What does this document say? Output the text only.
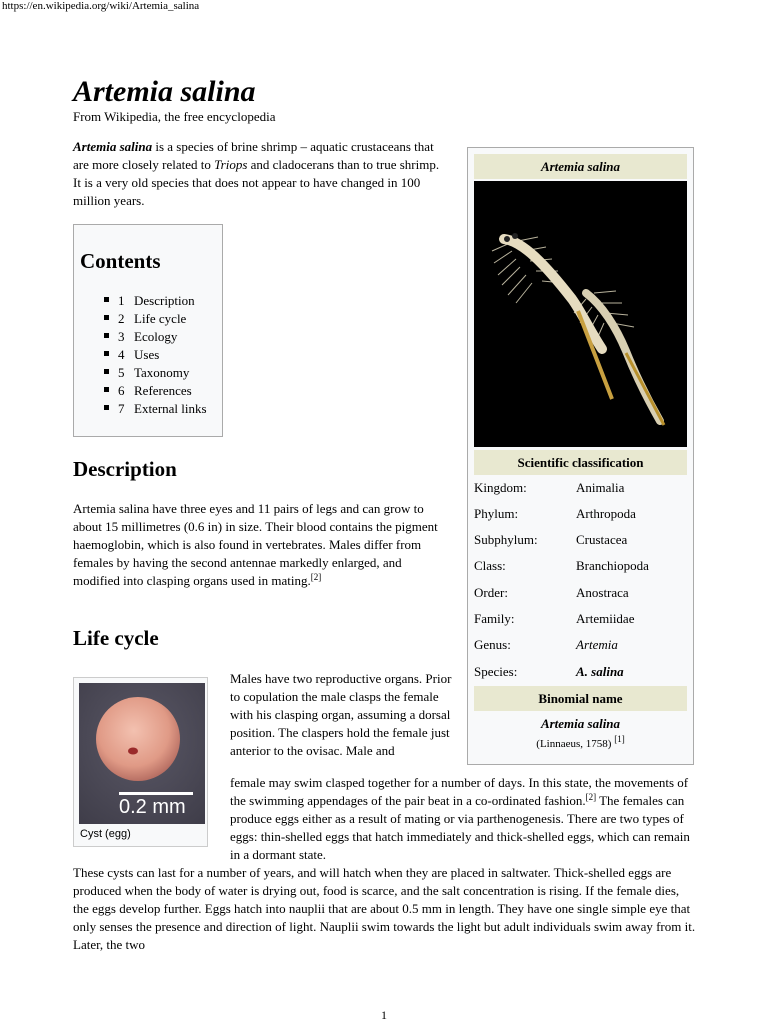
https://en.wikipedia.org/wiki/Artemia_salina
Artemia salina
From Wikipedia, the free encyclopedia

Artemia salina is a species of brine shrimp – aquatic crustaceans that are more closely related to Triops and cladocerans than to true shrimp. It is a very old species that does not appear to have changed in 100 million years.

Contents
1 Description
2 Life cycle
3 Ecology
4 Uses
5 Taxonomy
6 References
7 External links
Description

Artemia salina have three eyes and 11 pairs of legs and can grow to about 15 millimetres (0.6 in) in size. Their blood contains the pigment haemoglobin, which is also found in vertebrates. Males differ from females by having the second antennae markedly enlarged, and modified into clasping organs used in mating.[2]

Life cycle
0.2 mm
Cyst (egg)

Males have two reproductive organs. Prior to copulation the male clasps the female with his clasping organ, assuming a dorsal position. The claspers hold the female just anterior to the ovisac. Male and

female may swim clasped together for a number of days. In this state, the movements of the swimming appendages of the pair beat in a co-ordinated fashion.[2] The females can produce eggs either as a result of mating or via parthenogenesis. There are two types of eggs: thin-shelled eggs that hatch immediately and thick-shelled eggs, which can remain in a dormant state.

These cysts can last for a number of years, and will hatch when they are placed in saltwater. Thick-shelled eggs are produced when the body of water is drying out, food is scarce, and the salt concentration is rising. If the female dies, the eggs develop further. Eggs hatch into nauplii that are about 0.5 mm in length. They have one single simple eye that only senses the presence and direction of light. Nauplii swim towards the light but adult individuals swim away from it. Later, the two

Artemia salina
Scientific classification
Kingdom:	Animalia
Phylum:	Arthropoda
Subphylum:	Crustacea
Class:	Branchiopoda
Order:	Anostraca
Family:	Artemiidae
Genus:	Artemia
Species:	A. salina
Binomial name
Artemia salina
(Linnaeus, 1758) [1]
1
